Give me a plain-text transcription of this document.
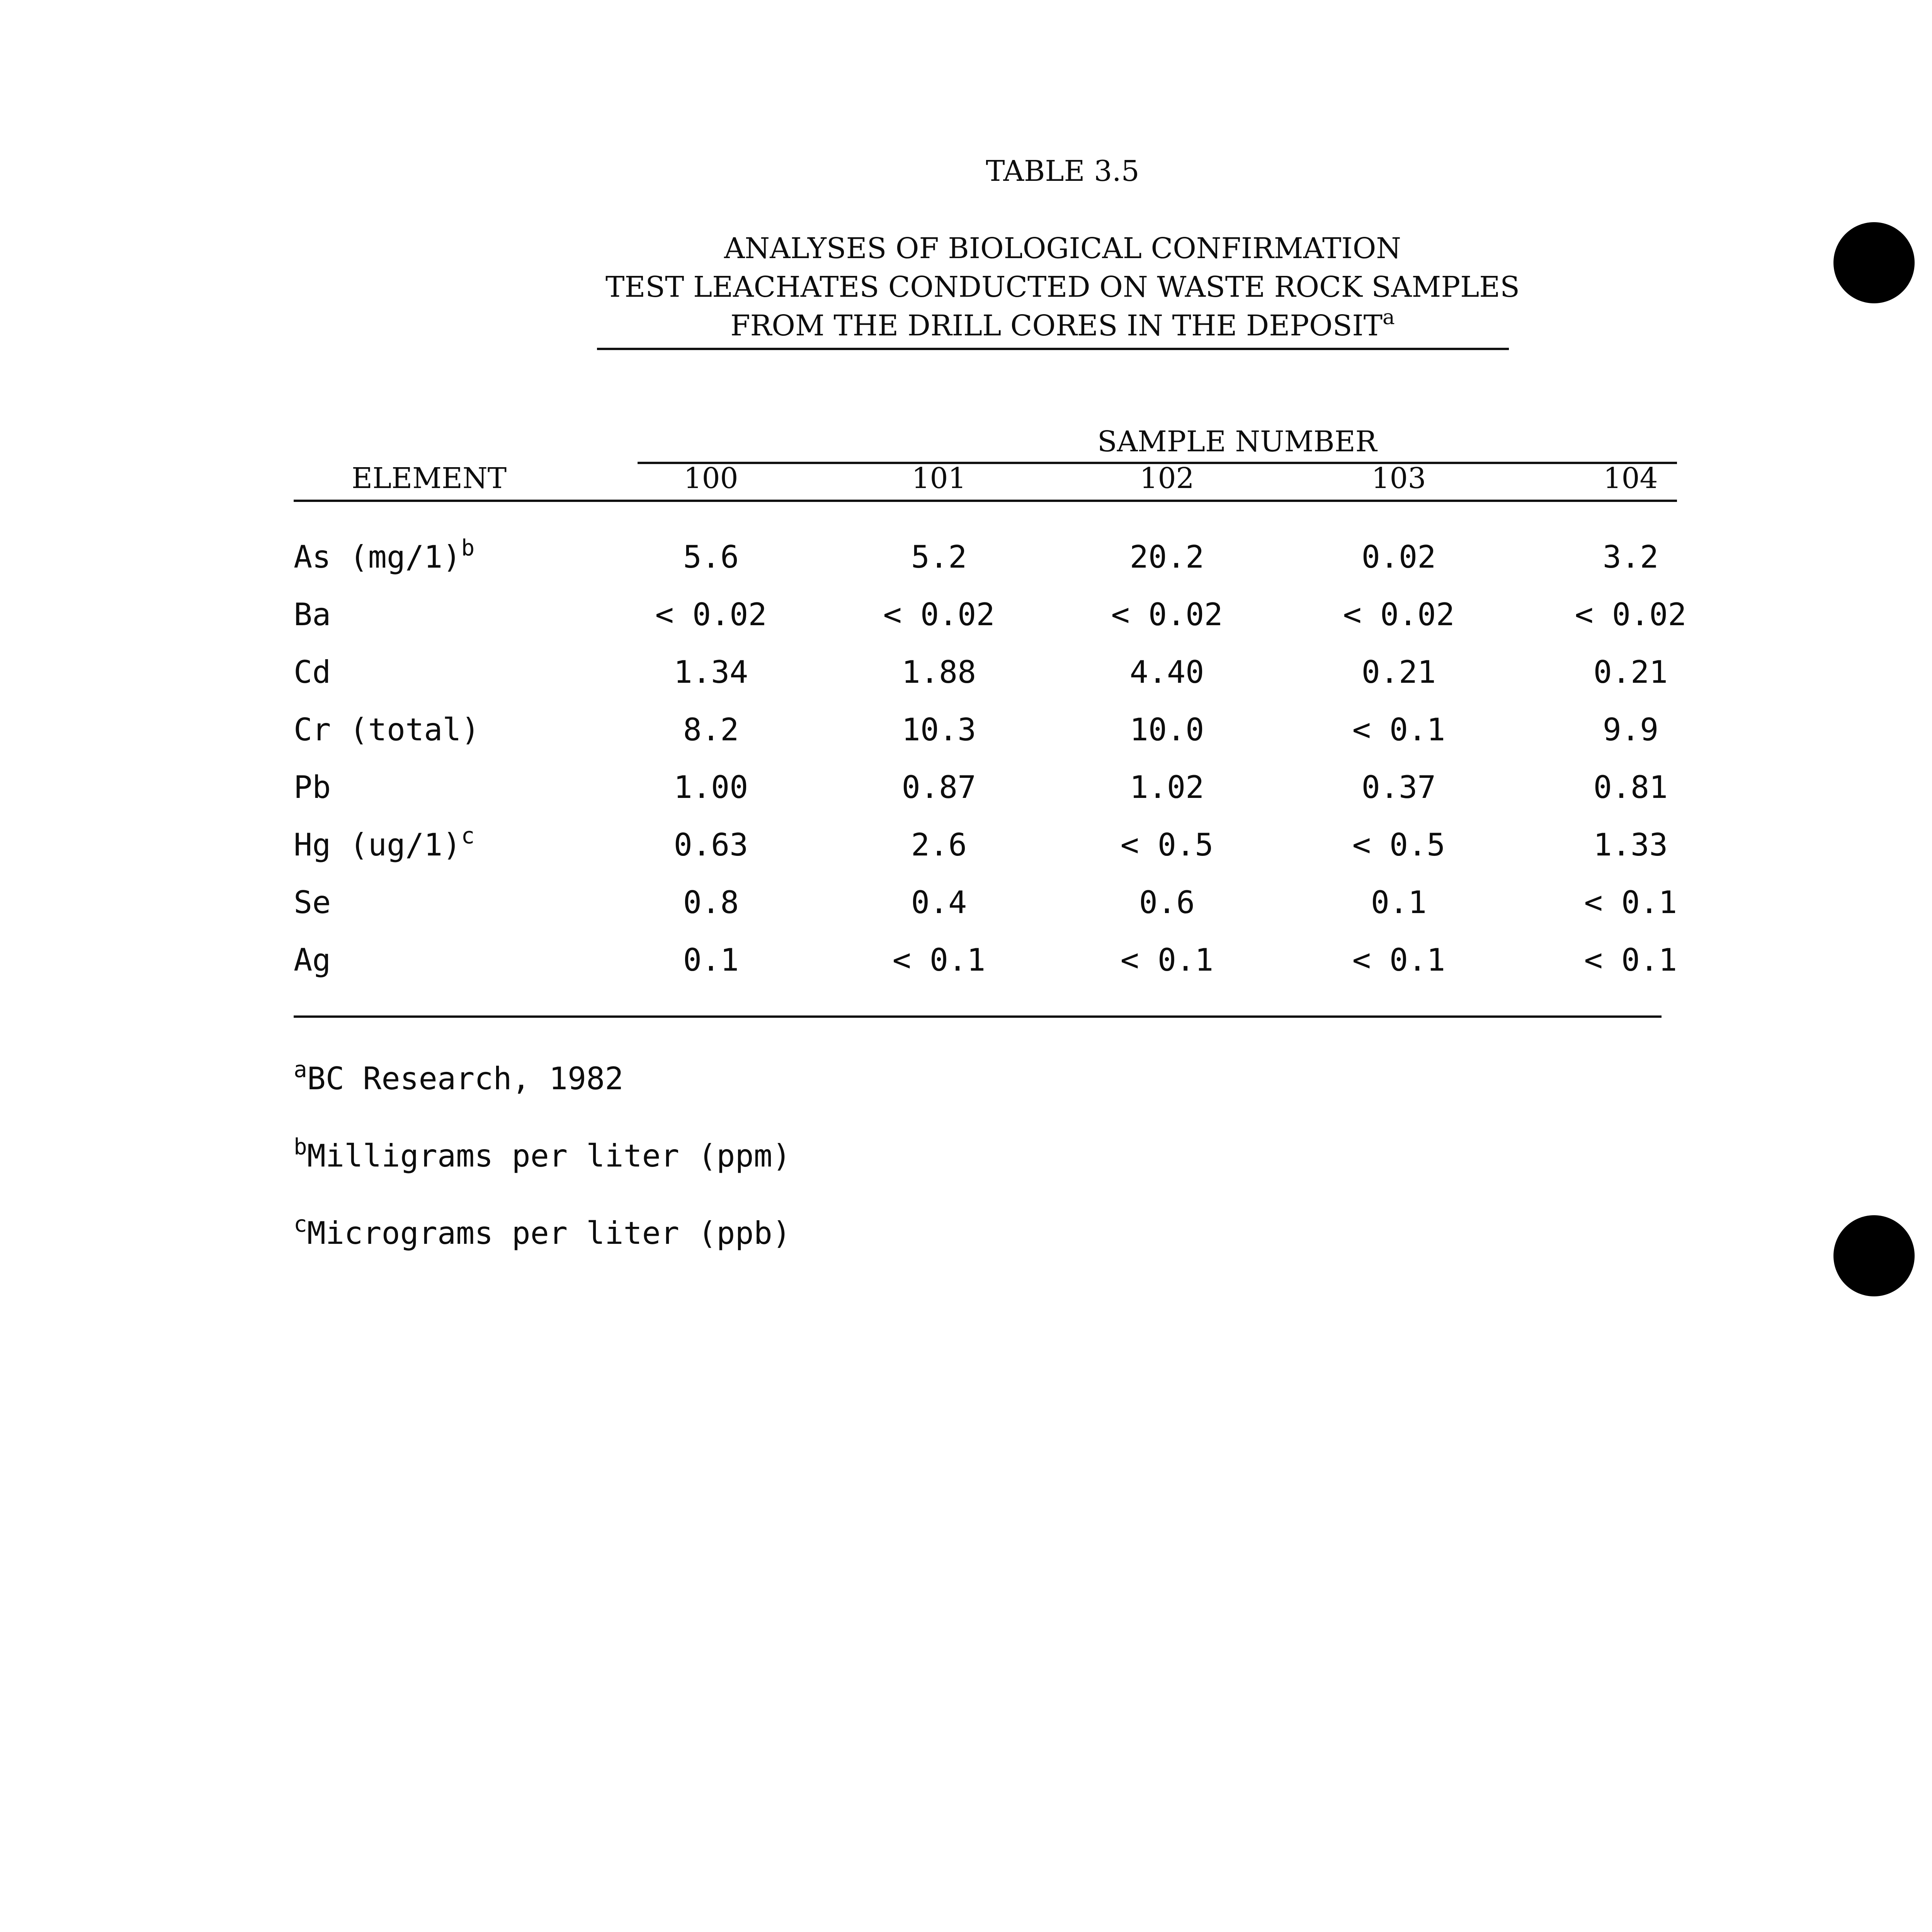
TABLE 3.5
ANALYSES OF BIOLOGICAL CONFIRMATION
TEST LEACHATES CONDUCTED ON WASTE ROCK SAMPLES
FROM THE DRILL CORES IN THE DEPOSIT$^a$
SAMPLE NUMBER
ELEMENT	100	101	102	103	104
As $(mg/1)^b$	5.6	5.2	20.2	0.02	3.2
Ba	< 0.02	< 0.02	< 0.02	< 0.02	< 0.02
Cd	1.34	1.88	4.40	0.21	0.21
Cr (total)	8.2	10.3	10.0	< 0.1	9.9
Pb	1.00	0.87	1.02	0.37	0.81
Hg $(ug/1)^c$	0.63	2.6	< 0.5	< 0.5	1.33
Se	0.8	0.4	0.6	0.1	< 0.1
Ag	0.1	< 0.1	< 0.1	< 0.1	< 0.1
$^a$BC Research, 1982
$^b$Milligrams per liter (ppm)
$^c$Micrograms per liter (ppb)
